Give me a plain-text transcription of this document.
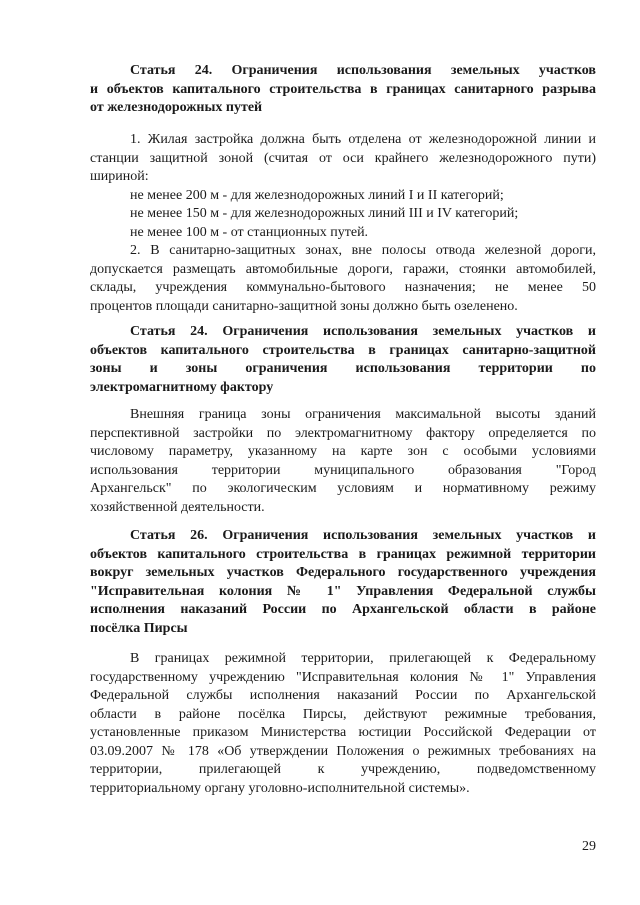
Статья 24. Ограничения использования земельных участков
и объектов капитального строительства в границах санитарного разрыва
от железнодорожных путей
1. Жилая застройка должна быть отделена от железнодорожной линии и
станции защитной зоной (считая от оси крайнего железнодорожного пути)
шириной:
не менее 200 м - для железнодорожных линий I и II категорий;
не менее 150 м - для железнодорожных линий III и IV категорий;
не менее 100 м - от станционных путей.
2. В санитарно-защитных зонах, вне полосы отвода железной дороги,
допускается размещать автомобильные дороги, гаражи, стоянки автомобилей,
склады, учреждения коммунально-бытового назначения; не менее 50
процентов площади санитарно-защитной зоны должно быть озеленено.
Статья 24. Ограничения использования земельных участков и
объектов капитального строительства в границах санитарно-защитной
зоны и зоны ограничения использования территории по
электромагнитному фактору
Внешняя граница зоны ограничения максимальной высоты зданий
перспективной застройки по электромагнитному фактору определяется по
числовому параметру, указанному на карте зон с особыми условиями
использования территории муниципального образования "Город
Архангельск" по экологическим условиям и нормативному режиму
хозяйственной деятельности.
Статья 26. Ограничения использования земельных участков и
объектов капитального строительства в границах режимной территории
вокруг земельных участков Федерального государственного учреждения
"Исправительная колония № 1" Управления Федеральной службы
исполнения наказаний России по Архангельской области в районе
посёлка Пирсы
В границах режимной территории, прилегающей к Федеральному
государственному учреждению "Исправительная колония № 1" Управления
Федеральной службы исполнения наказаний России по Архангельской
области в районе посёлка Пирсы, действуют режимные требования,
установленные приказом Министерства юстиции Российской Федерации от
03.09.2007 № 178 «Об утверждении Положения о режимных требованиях на
территории, прилегающей к учреждению, подведомственному
территориальному органу уголовно-исполнительной системы».
29
